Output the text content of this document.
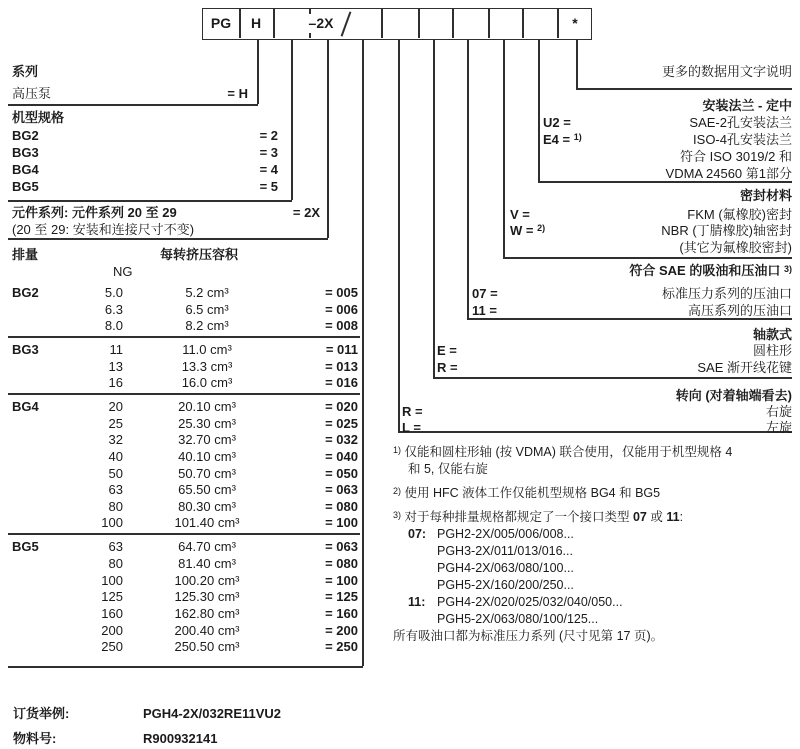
PG	H	–2X	*
系列
高压泵	= H
机型规格
BG2	= 2
BG3	= 3
BG4	= 4
BG5	= 5
元件系列: 元件系列 20 至 29	= 2X
(20 至 29: 安装和连接尺寸不变)
排量	每转挤压容积
NG
BG2	5.0	5.2 cm³	= 005
6.3	6.5 cm³	= 006
8.0	8.2 cm³	= 008
BG3	11	11.0 cm³	= 011
13	13.3 cm³	= 013
16	16.0 cm³	= 016
BG4	20	20.10 cm³	= 020
25	25.30 cm³	= 025
32	32.70 cm³	= 032
40	40.10 cm³	= 040
50	50.70 cm³	= 050
63	65.50 cm³	= 063
80	80.30 cm³	= 080
100	101.40 cm³	= 100
BG5	63	64.70 cm³	= 063
80	81.40 cm³	= 080
100	100.20 cm³	= 100
125	125.30 cm³	= 125
160	162.80 cm³	= 160
200	200.40 cm³	= 200
250	250.50 cm³	= 250
更多的数据用文字说明
安装法兰 - 定中
U2 =	SAE-2孔安装法兰
E4 = $^{1)}$	ISO-4孔安装法兰
符合 ISO 3019/2 和
VDMA 24560 第1部分
密封材料
V =	FKM (氟橡胶)密封
W = $^{2)}$	NBR (丁腈橡胶)轴密封
(其它为氟橡胶密封)
符合 SAE 的吸油和压油口 $^{3)}$
07 =	标准压力系列的压油口
11 =	高压系列的压油口
轴款式
E =	圆柱形
R =	SAE 渐开线花键
转向 (对着轴端看去)
R =	右旋
L =	左旋
$^{1)}$ 仅能和圆柱形轴 (按 VDMA) 联合使用，仅能用于机型规格 4
和 5, 仅能右旋
$^{2)}$ 使用 HFC 液体工作仅能机型规格 BG4 和 BG5
$^{3)}$ 对于每种排量规格都规定了一个接口类型 07 或 11:
07: PGH2-2X/005/006/008...
PGH3-2X/011/013/016...
PGH4-2X/063/080/100...
PGH5-2X/160/200/250...
11: PGH4-2X/020/025/032/040/050...
PGH5-2X/063/080/100/125...
所有吸油口都为标准压力系列 (尺寸见第 17 页)。
订货举例:	PGH4-2X/032RE11VU2
物料号:	R900932141
